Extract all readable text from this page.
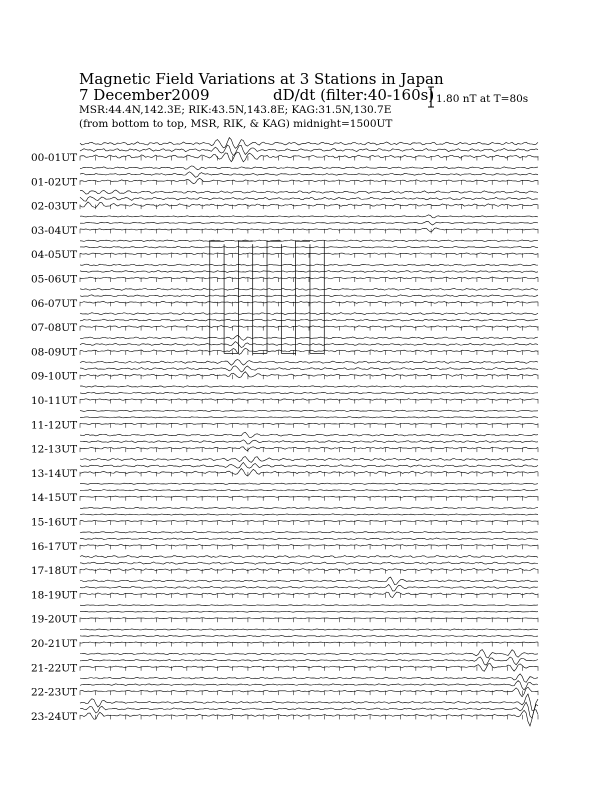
Magnetic Field Variations at 3 Stations in Japan
7 December2009	dD/dt (filter:40-160s)
MSR:44.4N,142.3E; RIK:43.5N,143.8E; KAG:31.5N,130.7E
(from bottom to top, MSR, RIK, & KAG) midnight=1500UT
1.80 nT at T=80s
00-01UT
01-02UT
02-03UT
03-04UT
04-05UT
05-06UT
06-07UT
07-08UT
08-09UT
09-10UT
10-11UT
11-12UT
12-13UT
13-14UT
14-15UT
15-16UT
16-17UT
17-18UT
18-19UT
19-20UT
20-21UT
21-22UT
22-23UT
23-24UT
